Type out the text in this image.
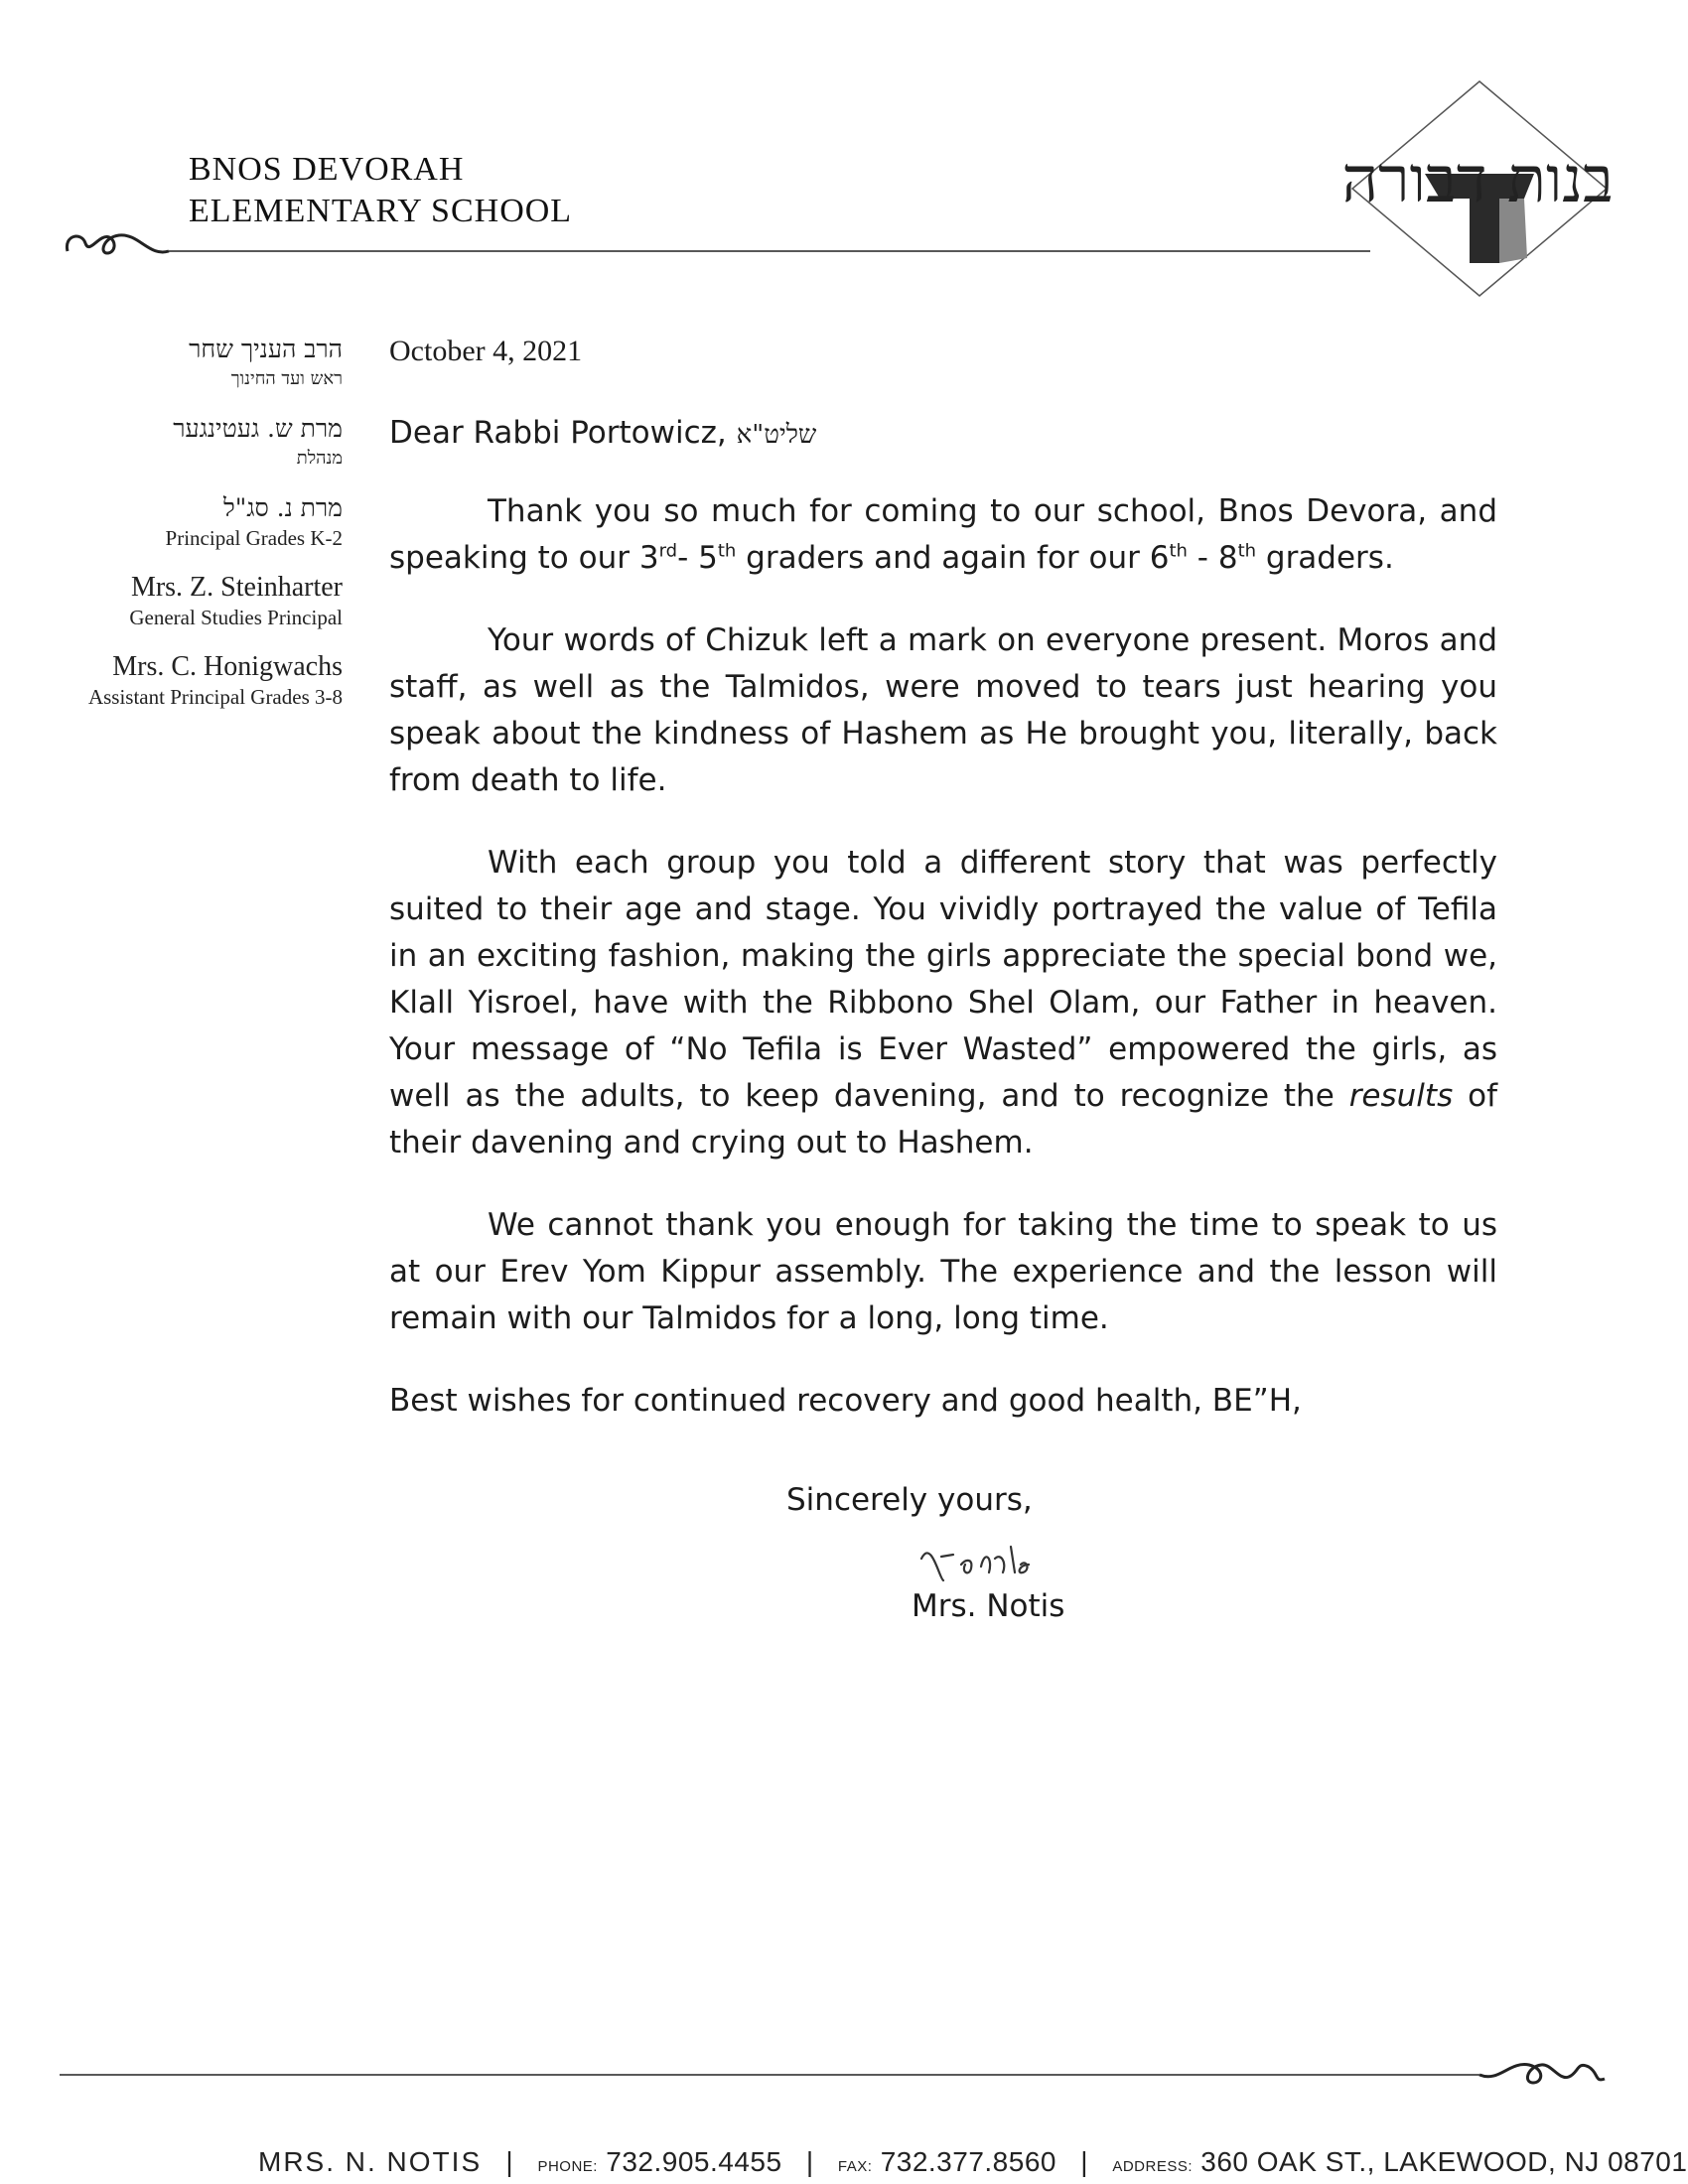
BNOS DEVORAH
ELEMENTARY SCHOOL	בנות דבורה
הרב העניך שחר
ראש ועד החינוך
מרת ש. געטינגער
מנהלת
מרת נ. סג"ל
Principal Grades K-2
Mrs. Z. Steinharter
General Studies Principal
Mrs. C. Honigwachs
Assistant Principal Grades 3-8

October 4, 2021

Dear Rabbi Portowicz, שליט"א

Thank you so much for coming to our school, Bnos Devora, and speaking to our 3rd- 5th graders and again for our 6th - 8th graders.

Your words of Chizuk left a mark on everyone present. Moros and staff, as well as the Talmidos, were moved to tears just hearing you speak about the kindness of Hashem as He brought you, literally, back from death to life.

With each group you told a different story that was perfectly suited to their age and stage. You vividly portrayed the value of Tefila in an exciting fashion, making the girls appreciate the special bond we, Klall Yisroel, have with the Ribbono Shel Olam, our Father in heaven. Your message of “No Tefila is Ever Wasted” empowered the girls, as well as the adults, to keep davening, and to recognize the results of their davening and crying out to Hashem.

We cannot thank you enough for taking the time to speak to us at our Erev Yom Kippur assembly. The experience and the lesson will remain with our Talmidos for a long, long time.

Best wishes for continued recovery and good health, BE”H,

Sincerely yours,
Mrs. Notis
MRS. N. NOTIS | PHONE: 732.905.4455 | FAX: 732.377.8560 | ADDRESS: 360 OAK ST., LAKEWOOD, NJ 08701
